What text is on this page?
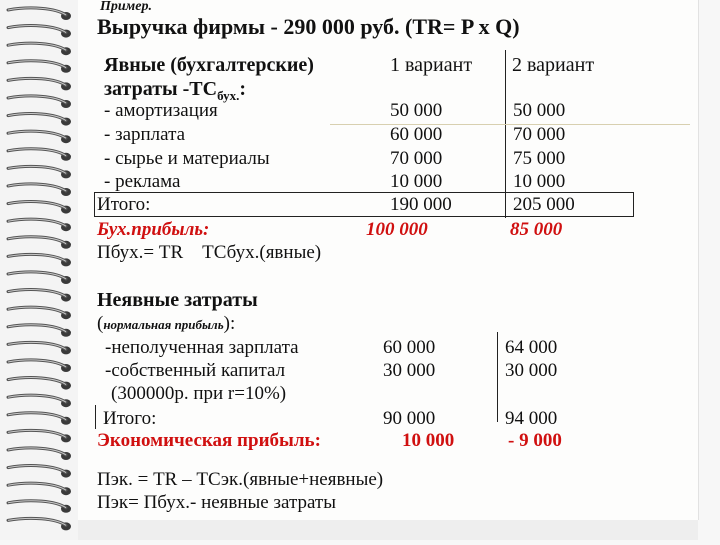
Пример.
Выручка фирмы - 290 000 руб. (TR= P x Q)
Явные (бухгалтерские)
затраты $-ТС_{бух.}$:
1 вариант 2 вариант
- амортизация	50 000	50 000
- зарплата	60 000	70 000
- сырье и материалы	70 000	75 000
- реклама	10 000	10 000
Итого:	190 000	205 000
Бух.прибыль:	100 000	85 000
Пбух.= TR    ТСбух.(явные)
Неявные затраты
(нормальная прибыль):
-неполученная зарплата	60 000	64 000
-собственный капитал	30 000	30 000
(300000р. при r=10%)
Итого:	90 000	94 000
Экономическая прибыль:	10 000	- 9 000
Пэк. = TR – ТСэк.(явные+неявные)
Пэк= Пбух.- неявные затраты
